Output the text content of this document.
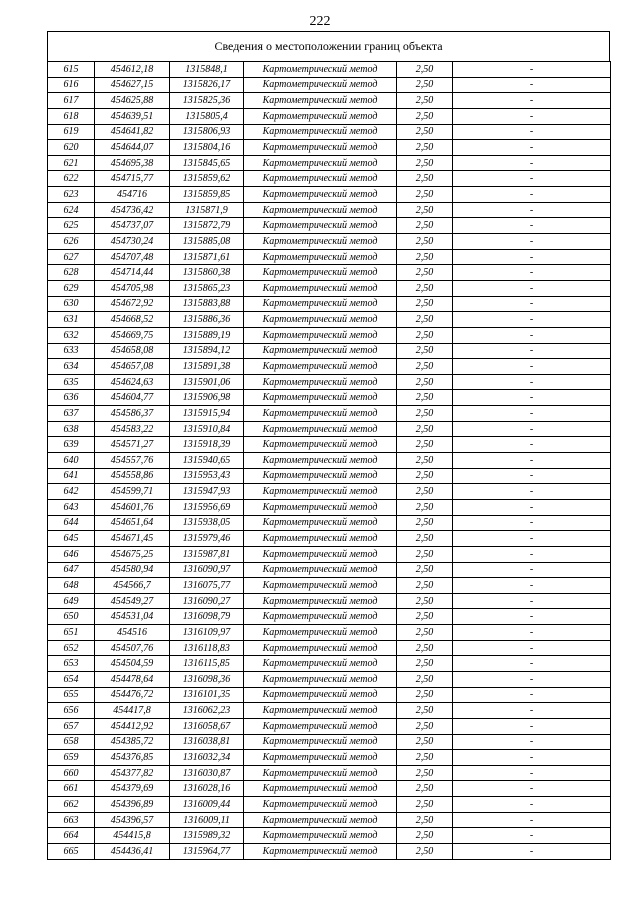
222
Сведения о местоположении границ объекта
615	454612,18	1315848,1	Картометрический метод	2,50	-
616	454627,15	1315826,17	Картометрический метод	2,50	-
617	454625,88	1315825,36	Картометрический метод	2,50	-
618	454639,51	1315805,4	Картометрический метод	2,50	-
619	454641,82	1315806,93	Картометрический метод	2,50	-
620	454644,07	1315804,16	Картометрический метод	2,50	-
621	454695,38	1315845,65	Картометрический метод	2,50	-
622	454715,77	1315859,62	Картометрический метод	2,50	-
623	454716	1315859,85	Картометрический метод	2,50	-
624	454736,42	1315871,9	Картометрический метод	2,50	-
625	454737,07	1315872,79	Картометрический метод	2,50	-
626	454730,24	1315885,08	Картометрический метод	2,50	-
627	454707,48	1315871,61	Картометрический метод	2,50	-
628	454714,44	1315860,38	Картометрический метод	2,50	-
629	454705,98	1315865,23	Картометрический метод	2,50	-
630	454672,92	1315883,88	Картометрический метод	2,50	-
631	454668,52	1315886,36	Картометрический метод	2,50	-
632	454669,75	1315889,19	Картометрический метод	2,50	-
633	454658,08	1315894,12	Картометрический метод	2,50	-
634	454657,08	1315891,38	Картометрический метод	2,50	-
635	454624,63	1315901,06	Картометрический метод	2,50	-
636	454604,77	1315906,98	Картометрический метод	2,50	-
637	454586,37	1315915,94	Картометрический метод	2,50	-
638	454583,22	1315910,84	Картометрический метод	2,50	-
639	454571,27	1315918,39	Картометрический метод	2,50	-
640	454557,76	1315940,65	Картометрический метод	2,50	-
641	454558,86	1315953,43	Картометрический метод	2,50	-
642	454599,71	1315947,93	Картометрический метод	2,50	-
643	454601,76	1315956,69	Картометрический метод	2,50	-
644	454651,64	1315938,05	Картометрический метод	2,50	-
645	454671,45	1315979,46	Картометрический метод	2,50	-
646	454675,25	1315987,81	Картометрический метод	2,50	-
647	454580,94	1316090,97	Картометрический метод	2,50	-
648	454566,7	1316075,77	Картометрический метод	2,50	-
649	454549,27	1316090,27	Картометрический метод	2,50	-
650	454531,04	1316098,79	Картометрический метод	2,50	-
651	454516	1316109,97	Картометрический метод	2,50	-
652	454507,76	1316118,83	Картометрический метод	2,50	-
653	454504,59	1316115,85	Картометрический метод	2,50	-
654	454478,64	1316098,36	Картометрический метод	2,50	-
655	454476,72	1316101,35	Картометрический метод	2,50	-
656	454417,8	1316062,23	Картометрический метод	2,50	-
657	454412,92	1316058,67	Картометрический метод	2,50	-
658	454385,72	1316038,81	Картометрический метод	2,50	-
659	454376,85	1316032,34	Картометрический метод	2,50	-
660	454377,82	1316030,87	Картометрический метод	2,50	-
661	454379,69	1316028,16	Картометрический метод	2,50	-
662	454396,89	1316009,44	Картометрический метод	2,50	-
663	454396,57	1316009,11	Картометрический метод	2,50	-
664	454415,8	1315989,32	Картометрический метод	2,50	-
665	454436,41	1315964,77	Картометрический метод	2,50	-
